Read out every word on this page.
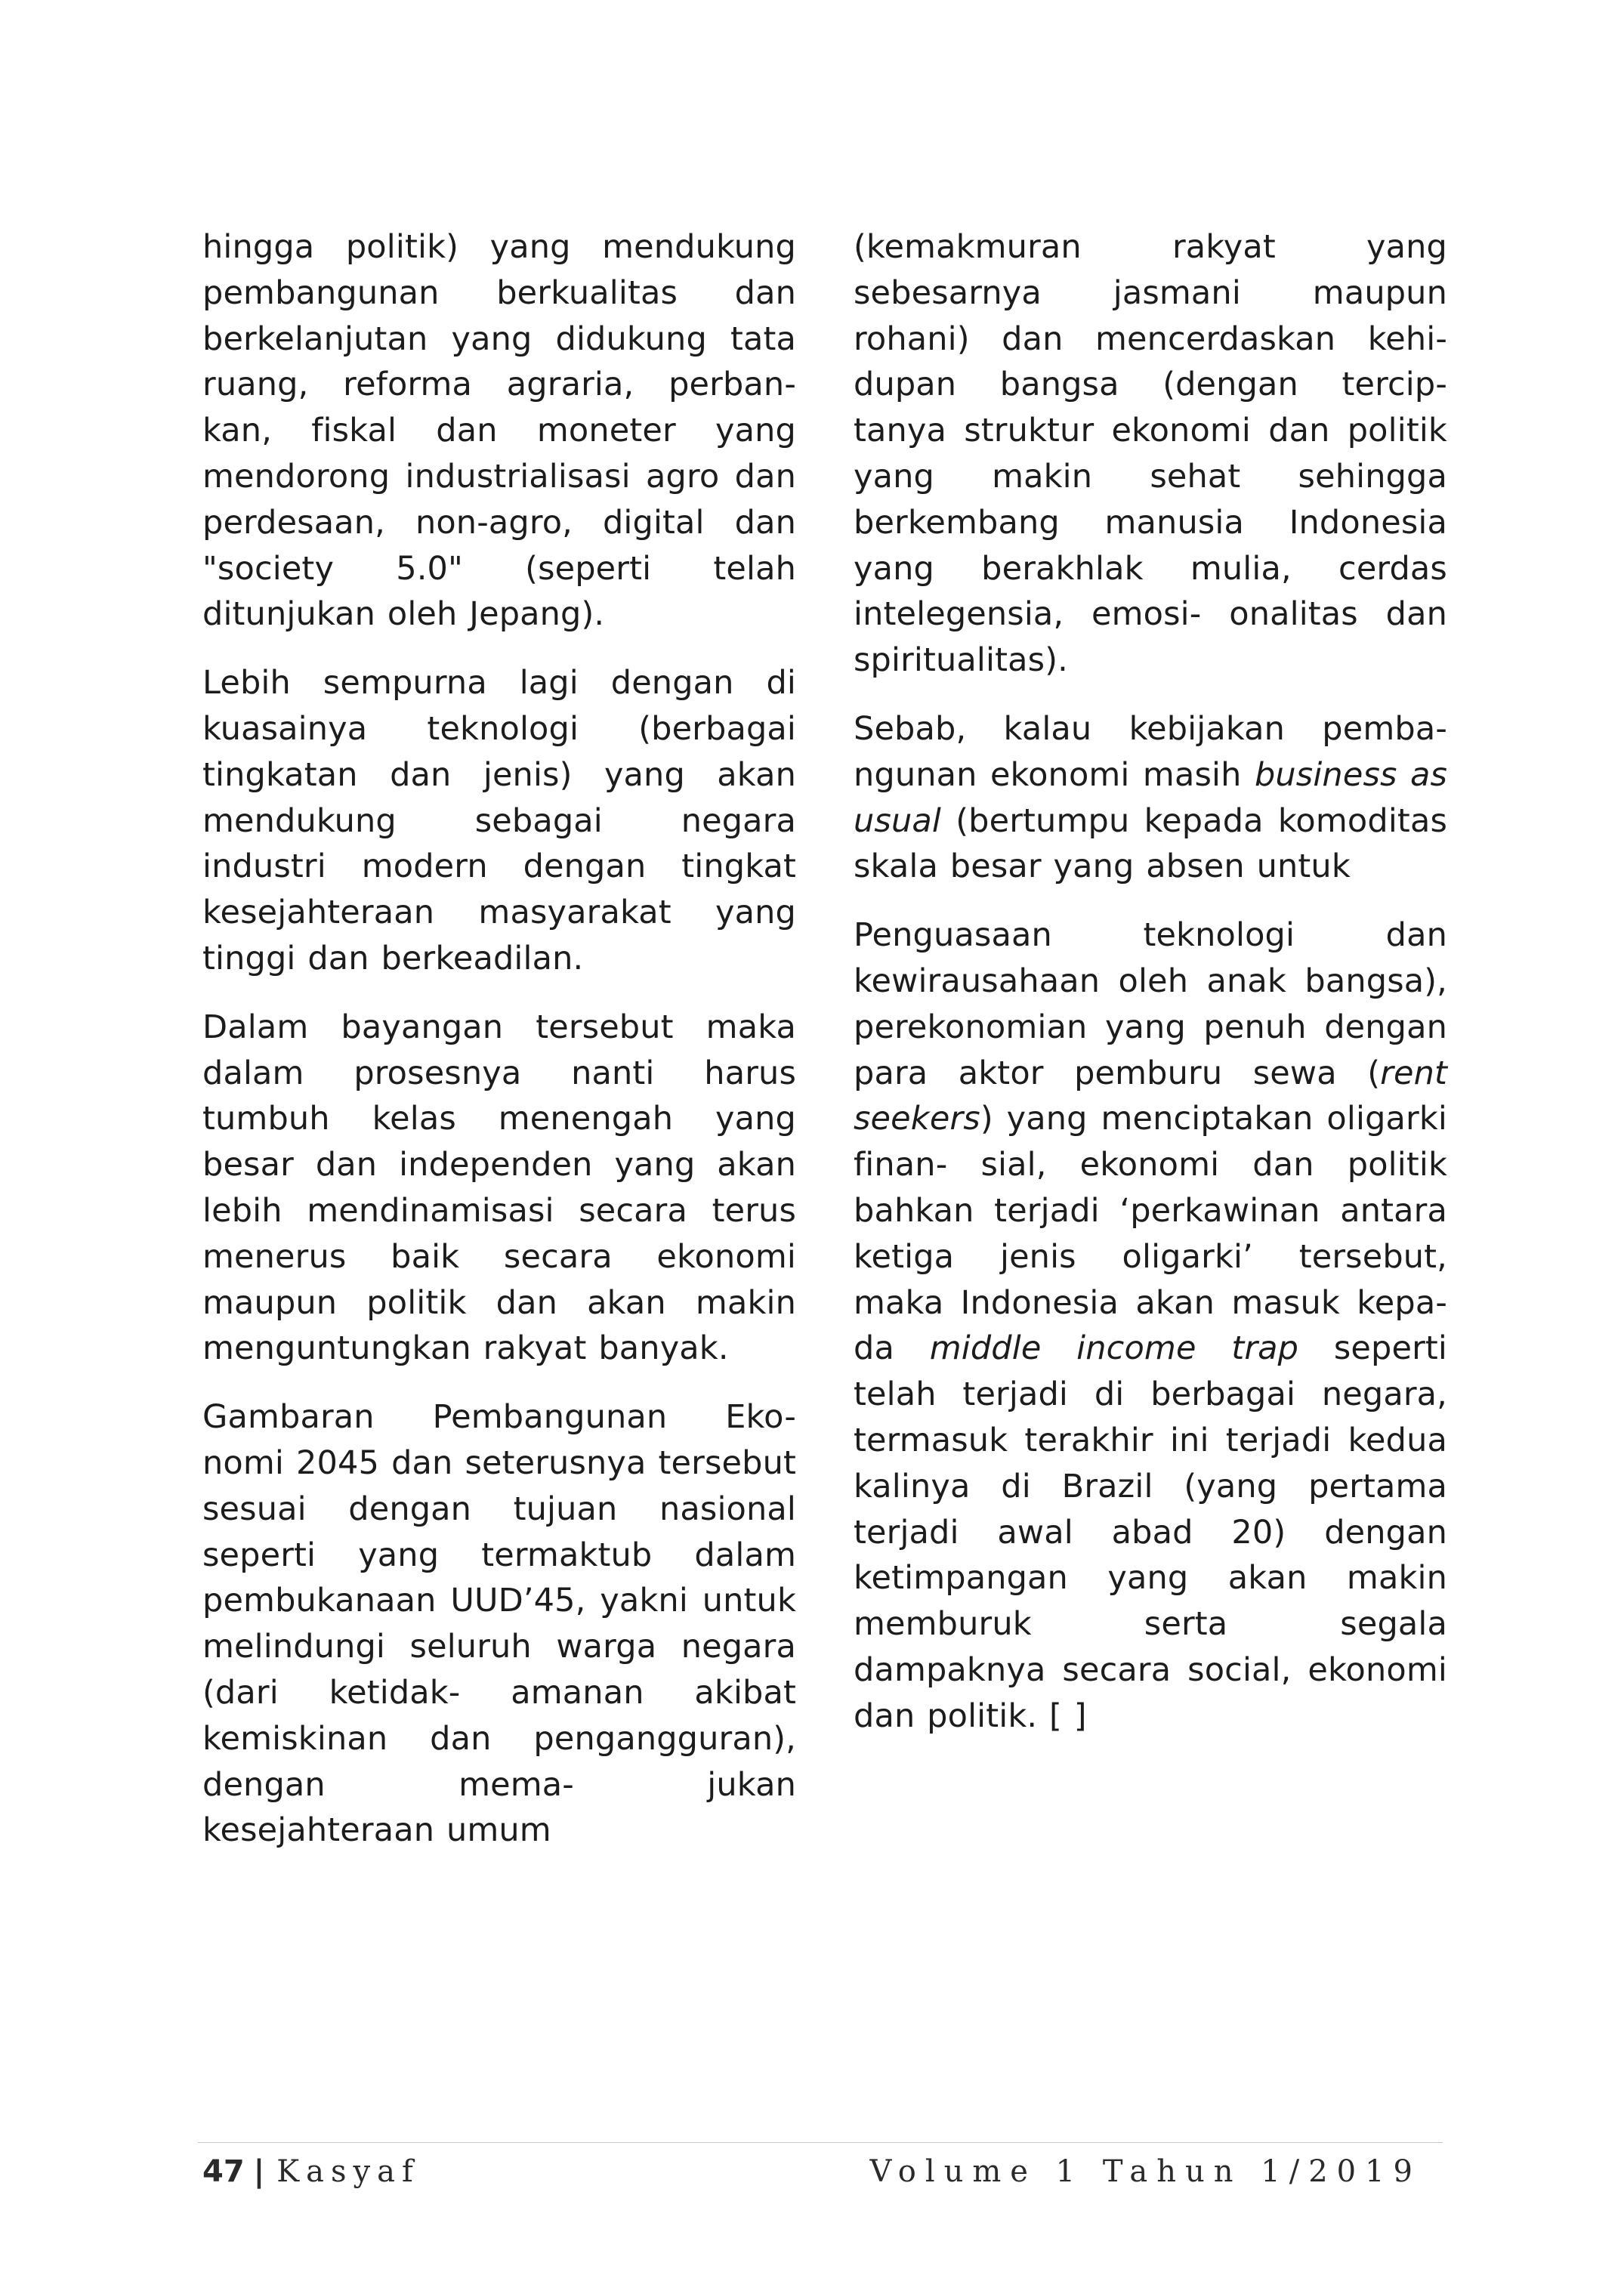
hingga politik) yang mendukung pembangunan berkualitas dan berkelanjutan yang didukung tata ruang, reforma agraria, perban- kan, fiskal dan moneter yang mendorong industrialisasi agro dan perdesaan, non-agro, digital dan "society 5.0" (seperti telah ditunjukan oleh Jepang).

Lebih sempurna lagi dengan di kuasainya teknologi (berbagai tingkatan dan jenis) yang akan mendukung sebagai negara industri modern dengan tingkat kesejahteraan masyarakat yang tinggi dan berkeadilan.

Dalam bayangan tersebut maka dalam prosesnya nanti harus tumbuh kelas menengah yang besar dan independen yang akan lebih mendinamisasi secara terus menerus baik secara ekonomi maupun politik dan akan makin menguntungkan rakyat banyak.

Gambaran Pembangunan Eko- nomi 2045 dan seterusnya tersebut sesuai dengan tujuan nasional seperti yang termaktub dalam pembukanaan UUD’45, yakni untuk melindungi seluruh warga negara (dari ketidak- amanan akibat kemiskinan dan pengangguran), dengan mema- jukan kesejahteraan umum

(kemakmuran rakyat yang sebesarnya jasmani maupun rohani) dan mencerdaskan kehi- dupan bangsa (dengan tercip- tanya struktur ekonomi dan politik yang makin sehat sehingga berkembang manusia Indonesia yang berakhlak mulia, cerdas intelegensia, emosi- onalitas dan spiritualitas).

Sebab, kalau kebijakan pemba- ngunan ekonomi masih business as usual (bertumpu kepada komoditas skala besar yang absen untuk

Penguasaan teknologi dan kewirausahaan oleh anak bangsa), perekonomian yang penuh dengan para aktor pemburu sewa (rent seekers) yang menciptakan oligarki finan- sial, ekonomi dan politik bahkan terjadi ‘perkawinan antara ketiga jenis oligarki’ tersebut, maka Indonesia akan masuk kepa- da middle income trap seperti telah terjadi di berbagai negara, termasuk terakhir ini terjadi kedua kalinya di Brazil (yang pertama terjadi awal abad 20) dengan ketimpangan yang akan makin memburuk serta segala dampaknya secara social, ekonomi dan politik. [ ]

47 | Kasyaf	Volume 1 Tahun 1/2019
